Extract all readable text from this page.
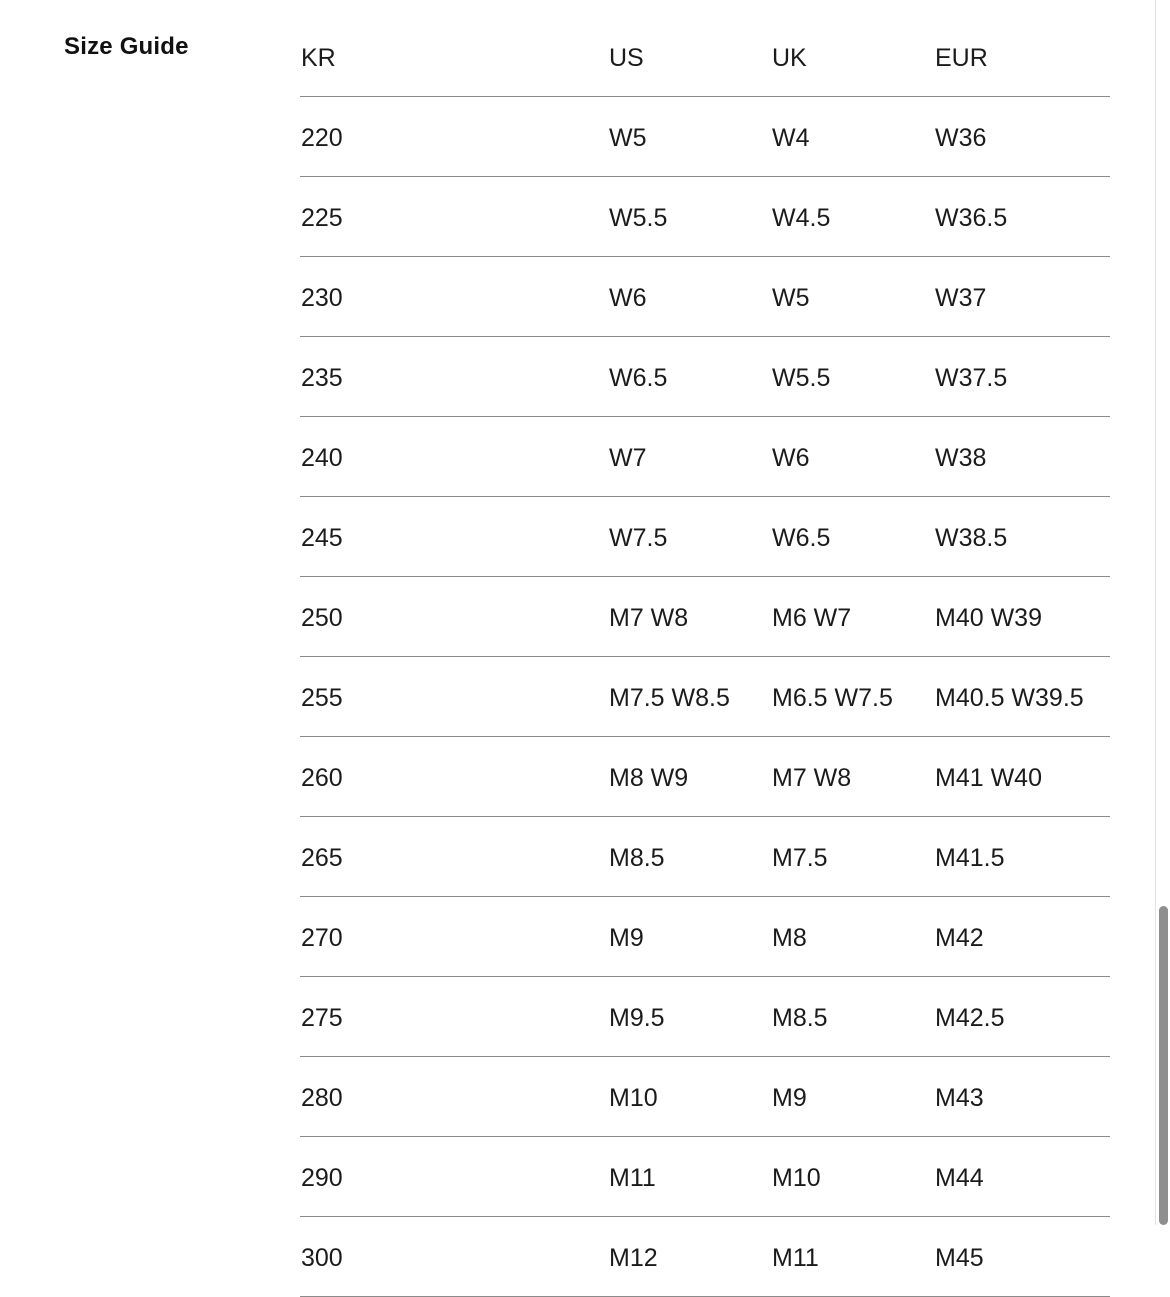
Size Guide	KR	US	UK	EUR
220	W5	W4	W36
225	W5.5	W4.5	W36.5
230	W6	W5	W37
235	W6.5	W5.5	W37.5
240	W7	W6	W38
245	W7.5	W6.5	W38.5
250	M7 W8	M6 W7	M40 W39
255	M7.5 W8.5	M6.5 W7.5	M40.5 W39.5
260	M8 W9	M7 W8	M41 W40
265	M8.5	M7.5	M41.5
270	M9	M8	M42
275	M9.5	M8.5	M42.5
280	M10	M9	M43
290	M11	M10	M44
300	M12	M11	M45
